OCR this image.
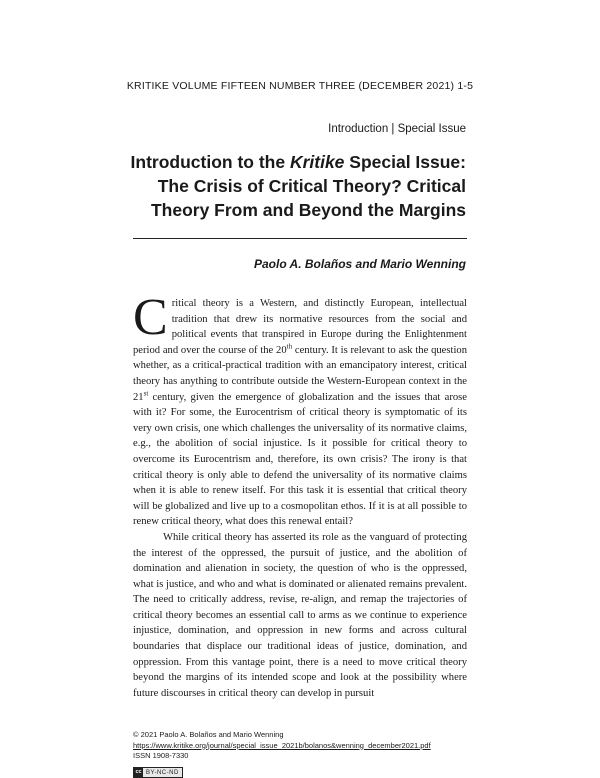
KRITIKE VOLUME FIFTEEN NUMBER THREE (DECEMBER 2021) 1-5
Introduction | Special Issue
Introduction to the Kritike Special Issue:
The Crisis of Critical Theory? Critical
Theory From and Beyond the Margins
Paolo A. Bolaños and Mario Wenning

Critical theory is a Western, and distinctly European, intellectual tradition that drew its normative resources from the social and political events that transpired in Europe during the Enlightenment period and over the course of the 20th century. It is relevant to ask the question whether, as a critical-practical tradition with an emancipatory interest, critical theory has anything to contribute outside the Western-European context in the 21st century, given the emergence of globalization and the issues that arose with it? For some, the Eurocentrism of critical theory is symptomatic of its very own crisis, one which challenges the universality of its normative claims, e.g., the abolition of social injustice. Is it possible for critical theory to overcome its Eurocentrism and, therefore, its own crisis? The irony is that critical theory is only able to defend the universality of its normative claims when it is able to renew itself. For this task it is essential that critical theory will be globalized and live up to a cosmopolitan ethos. If it is at all possible to renew critical theory, what does this renewal entail?

While critical theory has asserted its role as the vanguard of protecting the interest of the oppressed, the pursuit of justice, and the abolition of domination and alienation in society, the question of who is the oppressed, what is justice, and who and what is dominated or alienated remains prevalent. The need to critically address, revise, re-align, and remap the trajectories of critical theory becomes an essential call to arms as we continue to experience injustice, domination, and oppression in new forms and across cultural boundaries that displace our traditional ideas of justice, domination, and oppression. From this vantage point, there is a need to move critical theory beyond the margins of its intended scope and look at the possibility where future discourses in critical theory can develop in pursuit

© 2021 Paolo A. Bolaños and Mario Wenning
https://www.kritike.org/journal/special_issue_2021b/bolanos&wenning_december2021.pdf
ISSN 1908-7330
cc BY-NC-ND
